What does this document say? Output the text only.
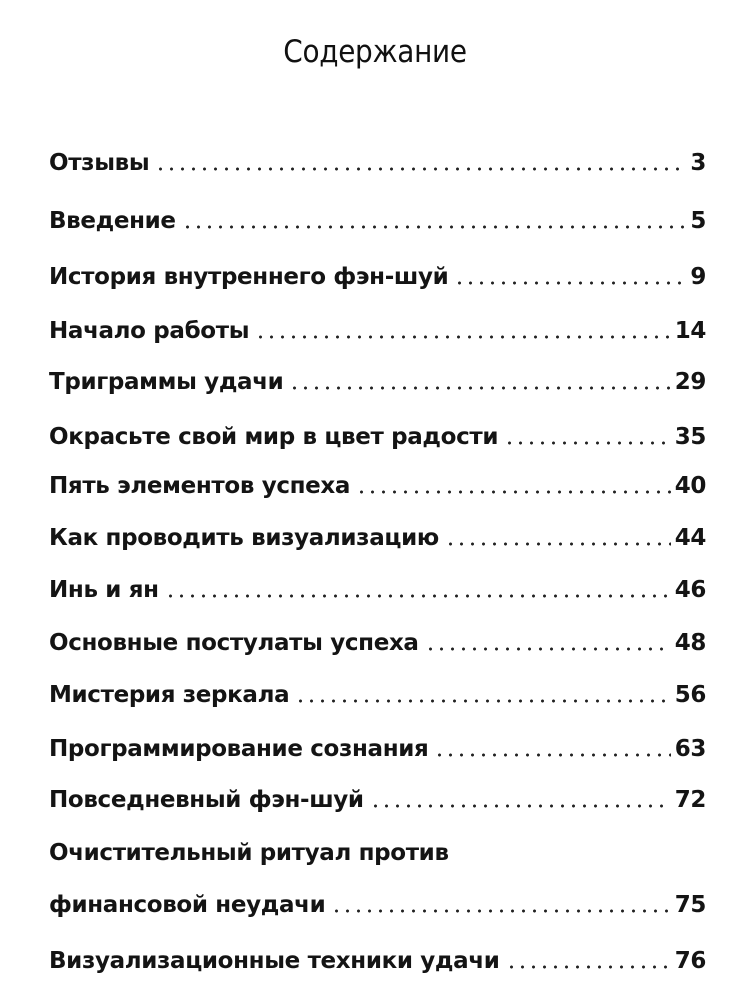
Содержание
Отзывы	3
Введение	5
История внутреннего фэн-шуй	9
Начало работы	14
Триграммы удачи	29
Окрасьте свой мир в цвет радости	35
Пять элементов успеха	40
Как проводить визуализацию	44
Инь и ян	46
Основные постулаты успеха	48
Мистерия зеркала	56
Программирование сознания	63
Повседневный фэн-шуй	72
Очистительный ритуал против
финансовой неудачи	75
Визуализационные техники удачи	76
